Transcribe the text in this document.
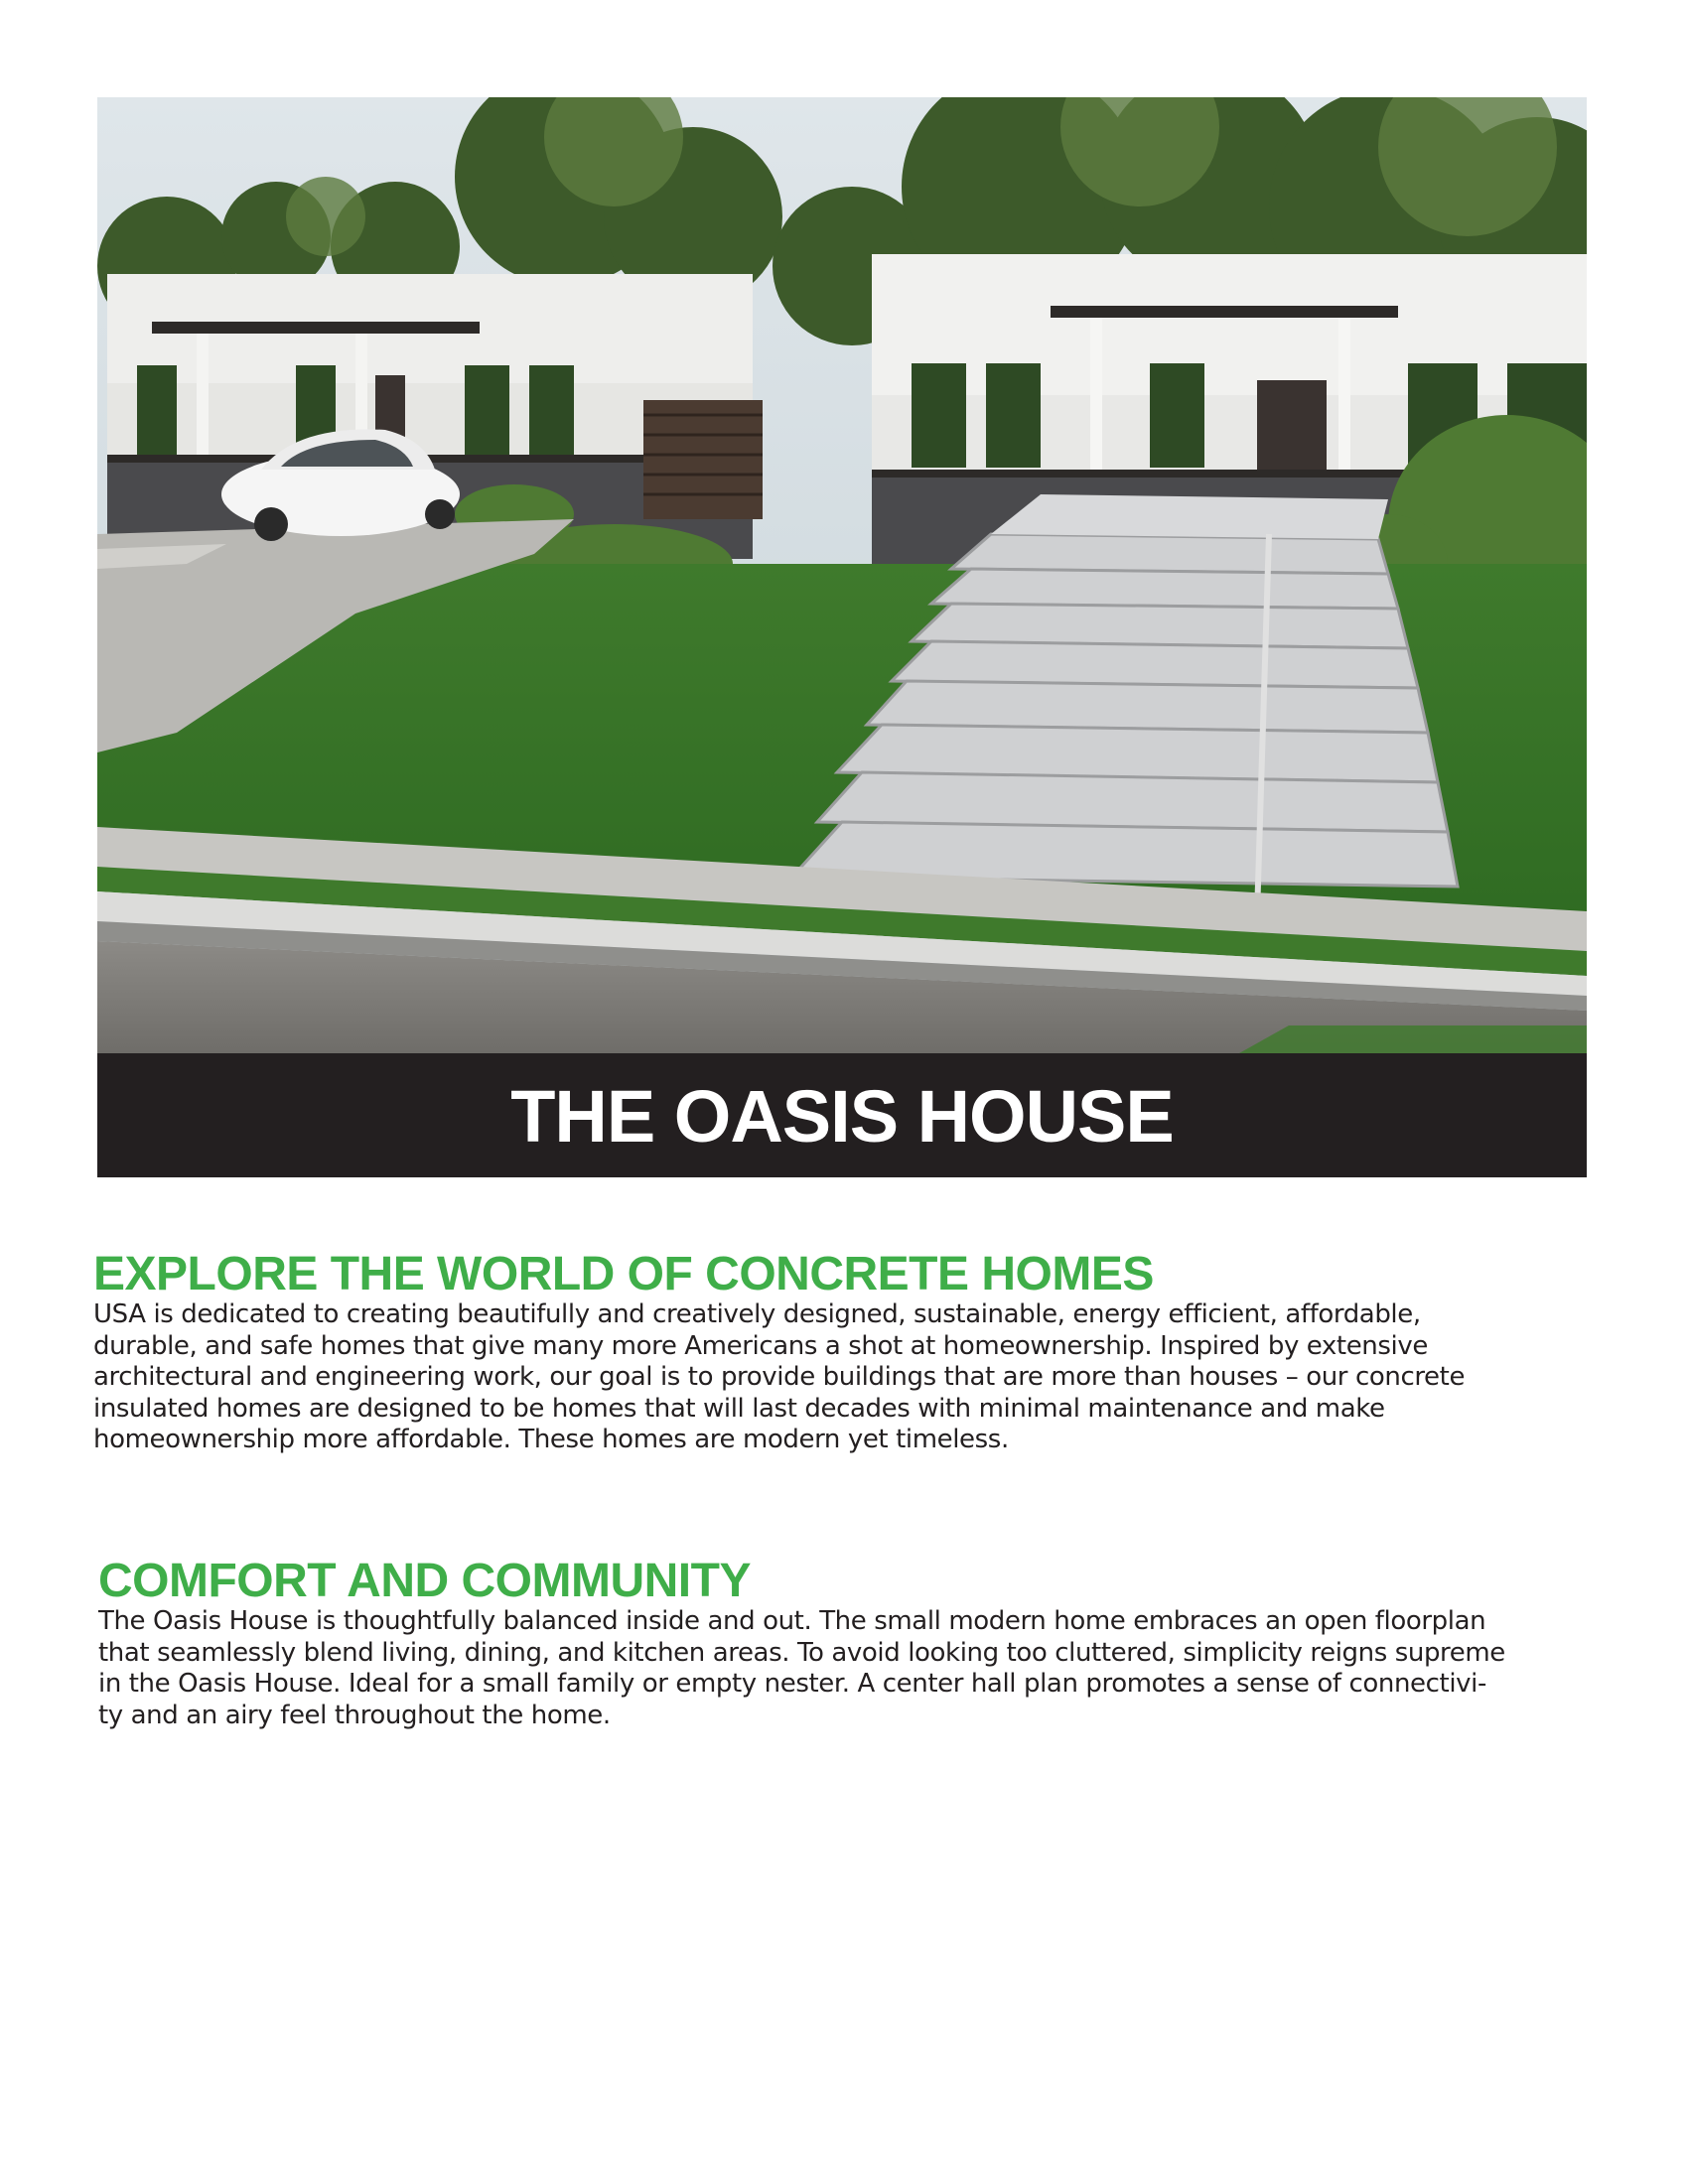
THE OASIS HOUSE
EXPLORE THE WORLD OF CONCRETE HOMES

USA is dedicated to creating beautifully and creatively designed, sustainable, energy efficient, affordable,
durable, and safe homes that give many more Americans a shot at homeownership. Inspired by extensive
architectural and engineering work, our goal is to provide buildings that are more than houses – our concrete
insulated homes are designed to be homes that will last decades with minimal maintenance and make
homeownership more affordable. These homes are modern yet timeless.

COMFORT AND COMMUNITY

The Oasis House is thoughtfully balanced inside and out. The small modern home embraces an open floorplan
that seamlessly blend living, dining, and kitchen areas. To avoid looking too cluttered, simplicity reigns supreme
in the Oasis House. Ideal for a small family or empty nester. A center hall plan promotes a sense of connectivi-
ty and an airy feel throughout the home.
